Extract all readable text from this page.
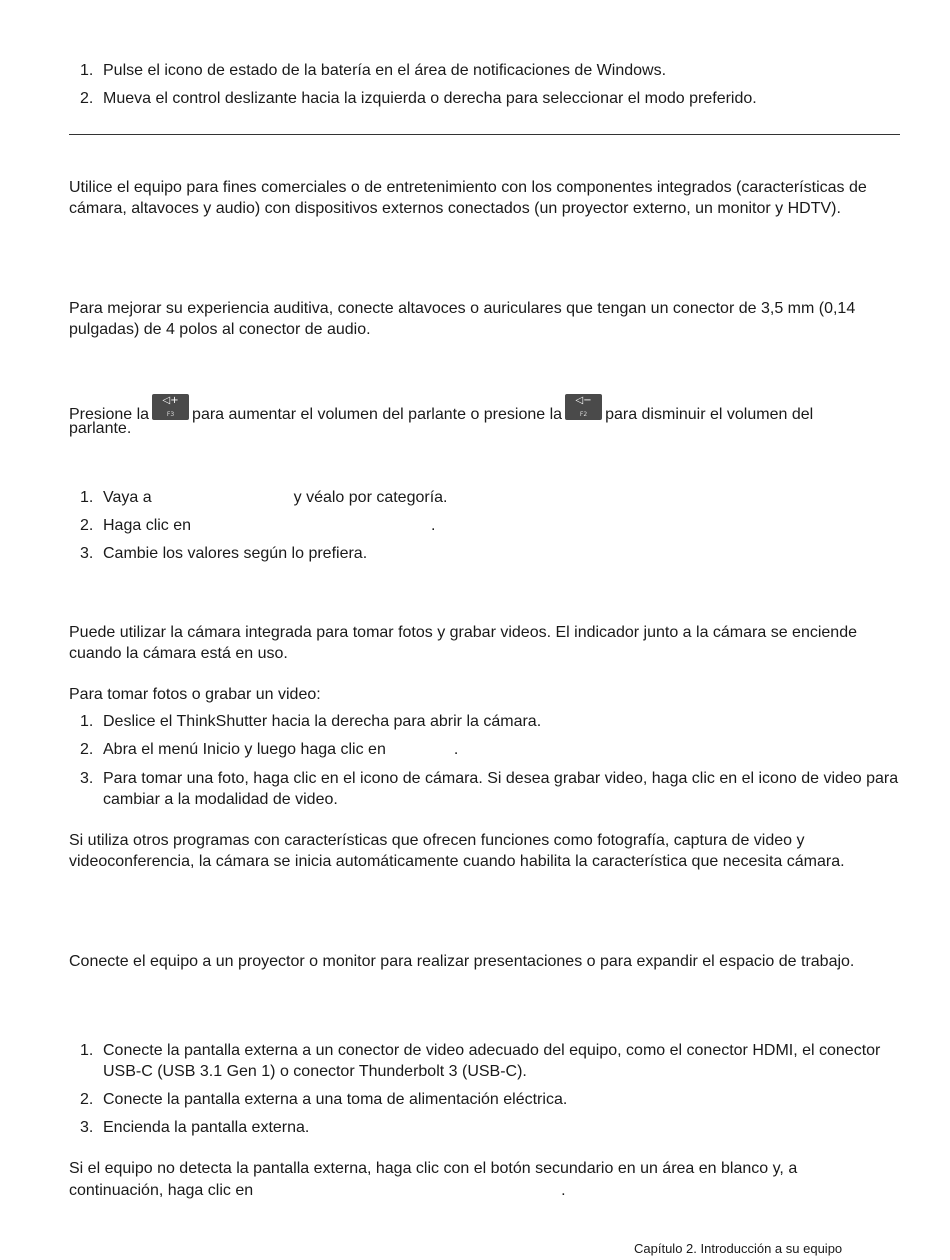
1. Pulse el icono de estado de la batería en el área de notificaciones de Windows.
2. Mueva el control deslizante hacia la izquierda o derecha para seleccionar el modo preferido.
Utilice el equipo para fines comerciales o de entretenimiento con los componentes integrados (características de cámara, altavoces y audio) con dispositivos externos conectados (un proyector externo, un monitor y HDTV).
Para mejorar su experiencia auditiva, conecte altavoces o auriculares que tengan un conector de 3,5 mm (0,14 pulgadas) de 4 polos al conector de audio.
Presione la
◁+
F3	para aumentar el volumen del parlante o presione la
◁−
F2	para disminuir el volumen del
parlante.
1. Vaya a	y véalo por categoría.
2. Haga clic en	.
3. Cambie los valores según lo prefiera.
Puede utilizar la cámara integrada para tomar fotos y grabar videos. El indicador junto a la cámara se enciende cuando la cámara está en uso.
Para tomar fotos o grabar un video:
1. Deslice el ThinkShutter hacia la derecha para abrir la cámara.
2. Abra el menú Inicio y luego haga clic en	.
3. Para tomar una foto, haga clic en el icono de cámara. Si desea grabar video, haga clic en el icono de video para cambiar a la modalidad de video.
Si utiliza otros programas con características que ofrecen funciones como fotografía, captura de video y videoconferencia, la cámara se inicia automáticamente cuando habilita la característica que necesita cámara.
Conecte el equipo a un proyector o monitor para realizar presentaciones o para expandir el espacio de trabajo.
1. Conecte la pantalla externa a un conector de video adecuado del equipo, como el conector HDMI, el conector USB-C (USB 3.1 Gen 1) o conector Thunderbolt 3 (USB-C).
2. Conecte la pantalla externa a una toma de alimentación eléctrica.
3. Encienda la pantalla externa.
Si el equipo no detecta la pantalla externa, haga clic con el botón secundario en un área en blanco y, a
continuación, haga clic en	.
Capítulo 2. Introducción a su equipo
